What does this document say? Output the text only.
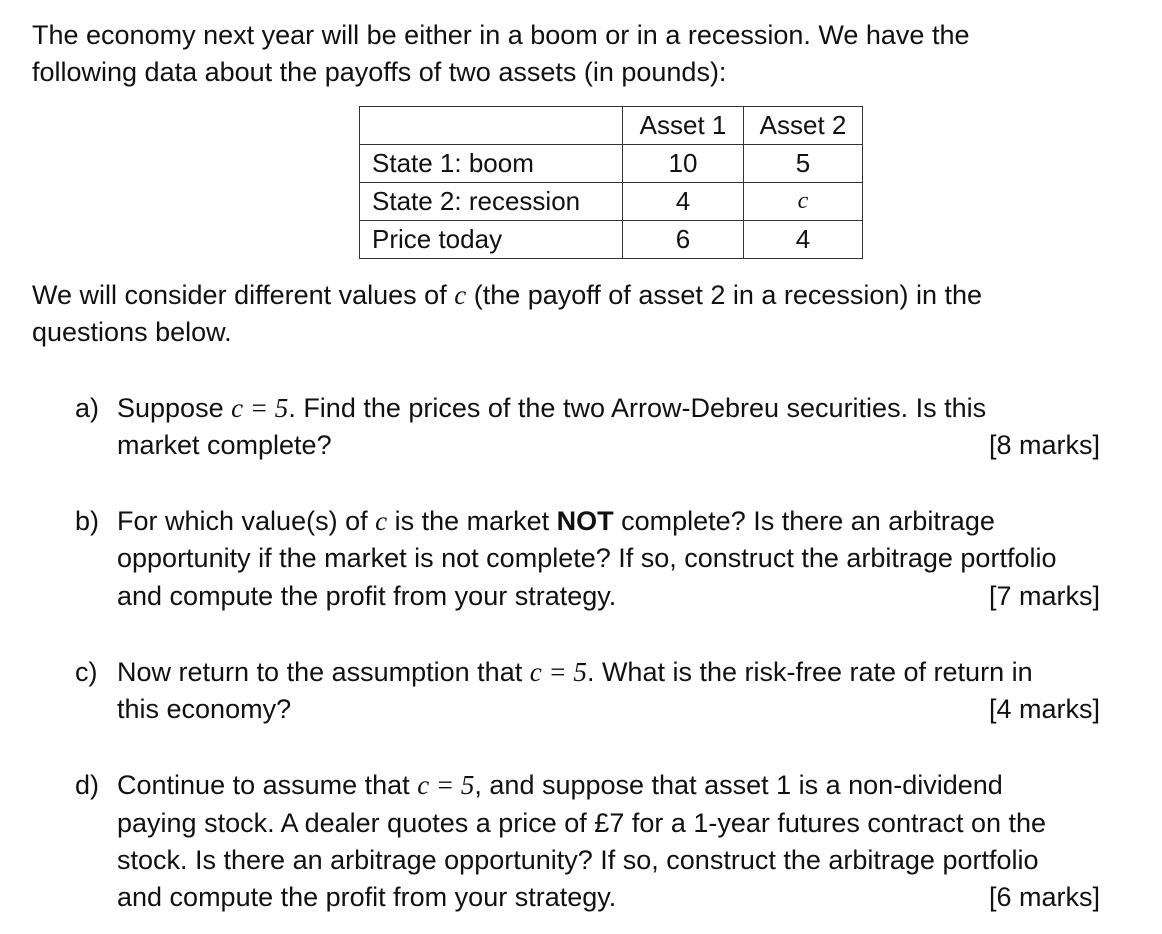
The economy next year will be either in a boom or in a recession. We have the
following data about the payoffs of two assets (in pounds):
	Asset 1	Asset 2
State 1: boom	10	5
State 2: recession	4	c
Price today	6	4
We will consider different values of c (the payoff of asset 2 in a recession) in the
questions below.
a) Suppose c = 5. Find the prices of the two Arrow-Debreu securities. Is this
market complete?	[8 marks]
b) For which value(s) of c is the market NOT complete? Is there an arbitrage
opportunity if the market is not complete? If so, construct the arbitrage portfolio
and compute the profit from your strategy.	[7 marks]
c) Now return to the assumption that c = 5. What is the risk-free rate of return in
this economy?	[4 marks]
d) Continue to assume that c = 5, and suppose that asset 1 is a non-dividend
paying stock. A dealer quotes a price of £7 for a 1-year futures contract on the
stock. Is there an arbitrage opportunity? If so, construct the arbitrage portfolio
and compute the profit from your strategy.	[6 marks]
